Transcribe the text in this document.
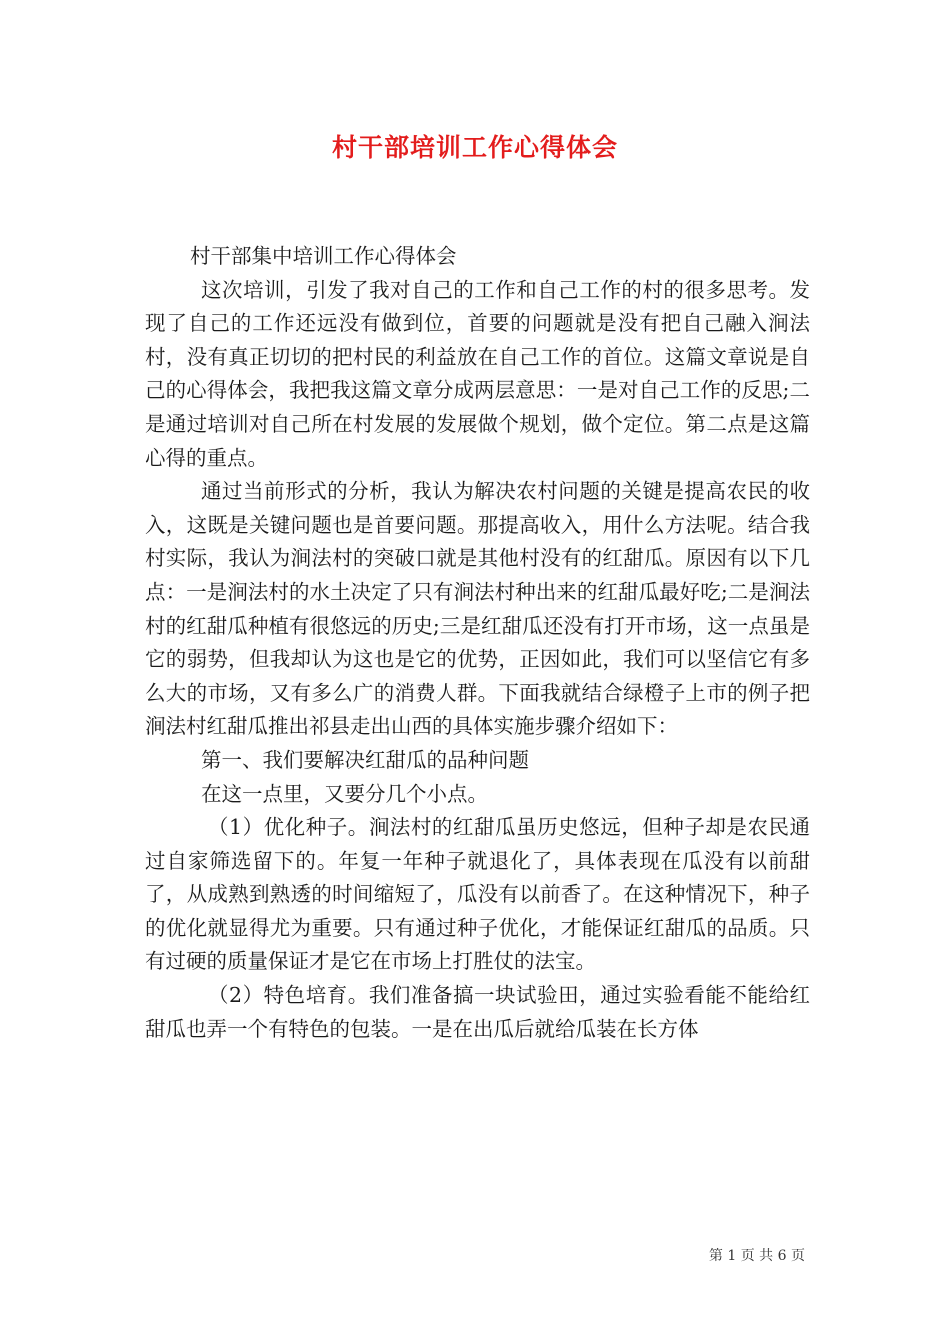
村干部培训工作心得体会

村干部集中培训工作心得体会

这次培训，引发了我对自己的工作和自己工作的村的很多思考。发现了自己的工作还远没有做到位，首要的问题就是没有把自己融入涧法村，没有真正切切的把村民的利益放在自己工作的首位。这篇文章说是自己的心得体会，我把我这篇文章分成两层意思：一是对自己工作的反思;二是通过培训对自己所在村发展的发展做个规划，做个定位。第二点是这篇心得的重点。

通过当前形式的分析，我认为解决农村问题的关键是提高农民的收入，这既是关键问题也是首要问题。那提高收入，用什么方法呢。结合我村实际，我认为涧法村的突破口就是其他村没有的红甜瓜。原因有以下几点：一是涧法村的水土决定了只有涧法村种出来的红甜瓜最好吃;二是涧法村的红甜瓜种植有很悠远的历史;三是红甜瓜还没有打开市场，这一点虽是它的弱势，但我却认为这也是它的优势，正因如此，我们可以坚信它有多么大的市场，又有多么广的消费人群。下面我就结合绿橙子上市的例子把涧法村红甜瓜推出祁县走出山西的具体实施步骤介绍如下：

第一、我们要解决红甜瓜的品种问题

在这一点里，又要分几个小点。

（1）优化种子。涧法村的红甜瓜虽历史悠远，但种子却是农民通过自家筛选留下的。年复一年种子就退化了，具体表现在瓜没有以前甜了，从成熟到熟透的时间缩短了，瓜没有以前香了。在这种情况下，种子的优化就显得尤为重要。只有通过种子优化，才能保证红甜瓜的品质。只有过硬的质量保证才是它在市场上打胜仗的法宝。

（2）特色培育。我们准备搞一块试验田，通过实验看能不能给红甜瓜也弄一个有特色的包装。一是在出瓜后就给瓜装在长方体

第 1 页 共 6 页
